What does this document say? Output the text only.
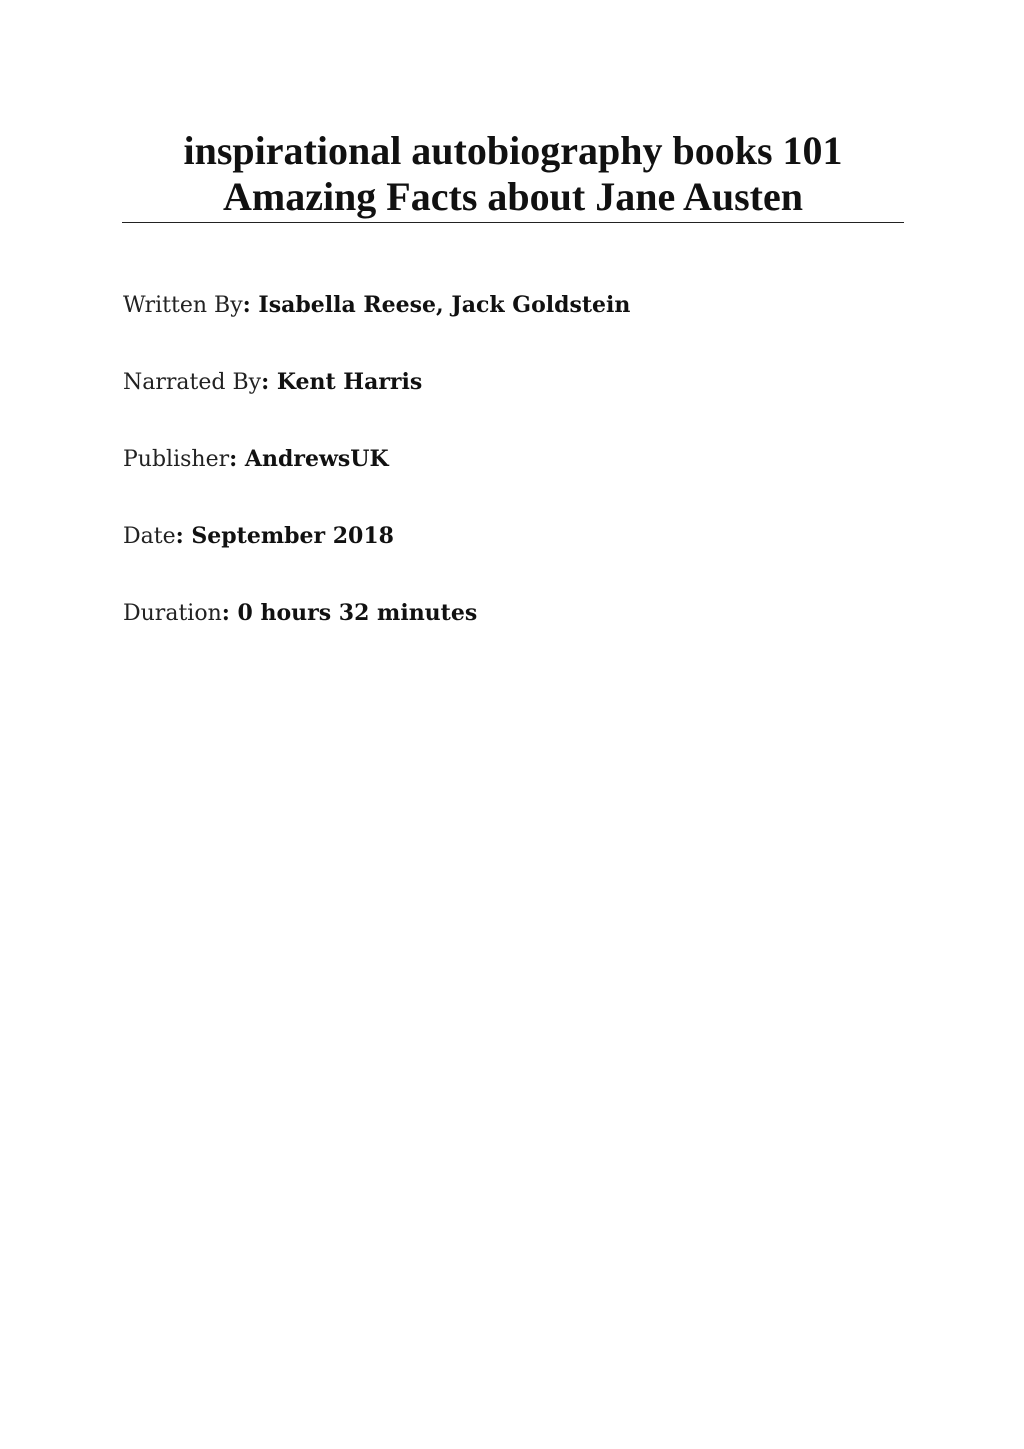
inspirational autobiography books 101
Amazing Facts about Jane Austen
Written By: Isabella Reese, Jack Goldstein
Narrated By: Kent Harris
Publisher: AndrewsUK
Date: September 2018
Duration: 0 hours 32 minutes
